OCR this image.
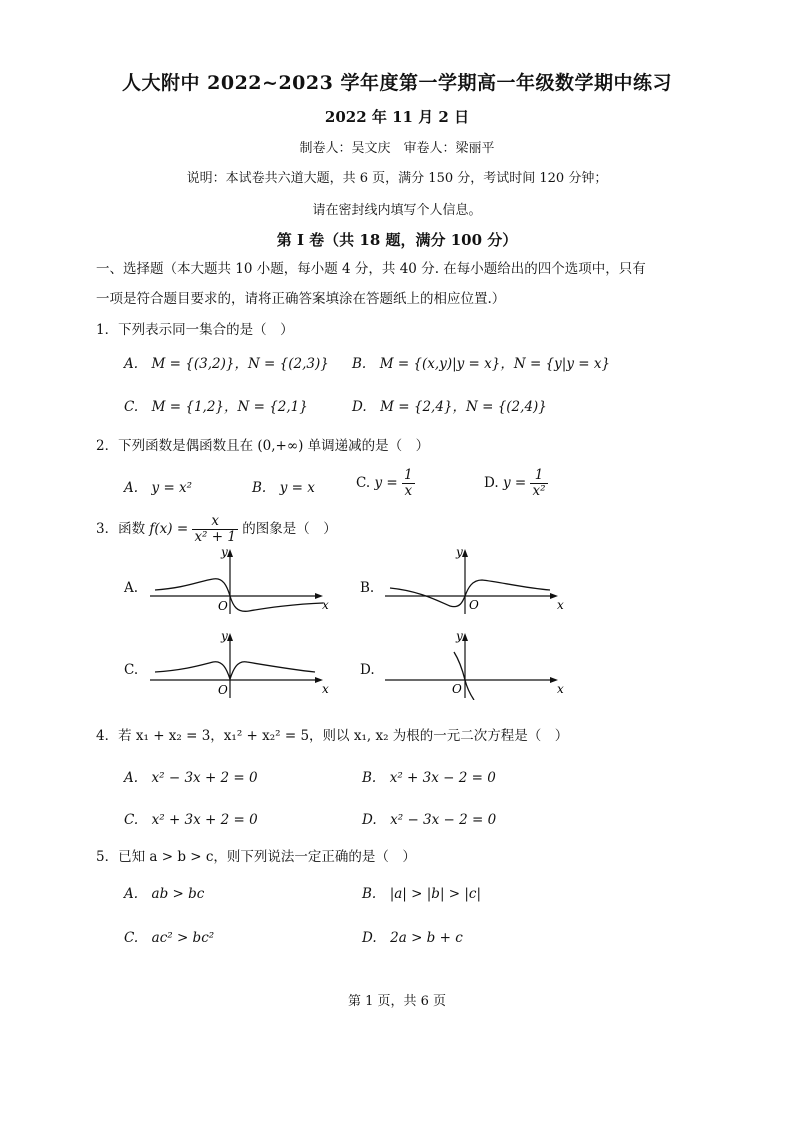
人大附中 2022~2023 学年度第一学期高一年级数学期中练习
2022 年 11 月 2 日
制卷人：吴文庆　审卷人：梁丽平
说明：本试卷共六道大题，共 6 页，满分 150 分，考试时间 120 分钟；
请在密封线内填写个人信息。
第 I 卷（共 18 题，满分 100 分）
一、选择题（本大题共 10 小题，每小题 4 分，共 40 分. 在每小题给出的四个选项中，只有
一项是符合题目要求的，请将正确答案填涂在答题纸上的相应位置.）
1．下列表示同一集合的是（　）
A.　M = {(3,2)}，N = {(2,3)} B.　M = {(x,y)|y = x}，N = {y|y = x}
C.　M = {1,2}，N = {2,1}	D.　M = {2,4}，N = {(2,4)}
2．下列函数是偶函数且在 (0,+∞) 单调递减的是（　）
A.　y = x²	B.　y = x	C. $y = \frac{1}{x}$	D. $y = \frac{1}{\text{x²}}$
3．函数 $f(x) = \frac{x}{\text{x² + 1}}$ 的图象是（　）
A.
x
y
O
B.
x
y
O
C.
x
y
O
D.
x
y
O
4．若 x₁ + x₂ = 3，x₁² + x₂² = 5，则以 x₁, x₂ 为根的一元二次方程是（　）
A.　x² − 3x + 2 = 0	B.　x² + 3x − 2 = 0
C.　x² + 3x + 2 = 0	D.　x² − 3x − 2 = 0
5．已知 a > b > c，则下列说法一定正确的是（　）
A.　ab > bc	B.　|a| > |b| > |c|
C.　ac² > bc²	D.　2a > b + c
第 1 页，共 6 页
